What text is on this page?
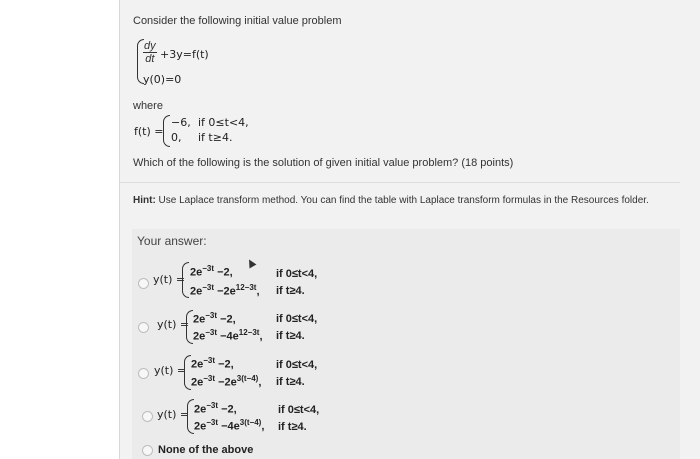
Consider the following initial value problem
$\frac{dy}{dt} +3y=f(t)$
y(0)=0
where
f(t) =
−6, if 0≤t<4,
0, if t≥4.
Which of the following is the solution of given initial value problem? (18 points)
Hint: Use Laplace transform method. You can find the table with Laplace transform formulas in the Resources folder.
Your answer:
y(t) =
$2e^{-3t} -2$,
$2e^{-3t} -2e^{12-3t}$,
if 0≤t<4,
if t≥4.
$y(t) = 2e^{-3t} -2$,
$2e^{-3t} -4e^{12-3t}$,
if 0≤t<4,
if t≥4.
$y(t) = 2e^{-3t} -2$,
$2e^{-3t} -2e^{3(t-4)}$,
if 0≤t<4,
if t≥4.
$y(t) = 2e^{-3t} -2$,
$2e^{-3t} -4e^{3(t-4)}$,
if 0≤t<4,
if t≥4.
None of the above
